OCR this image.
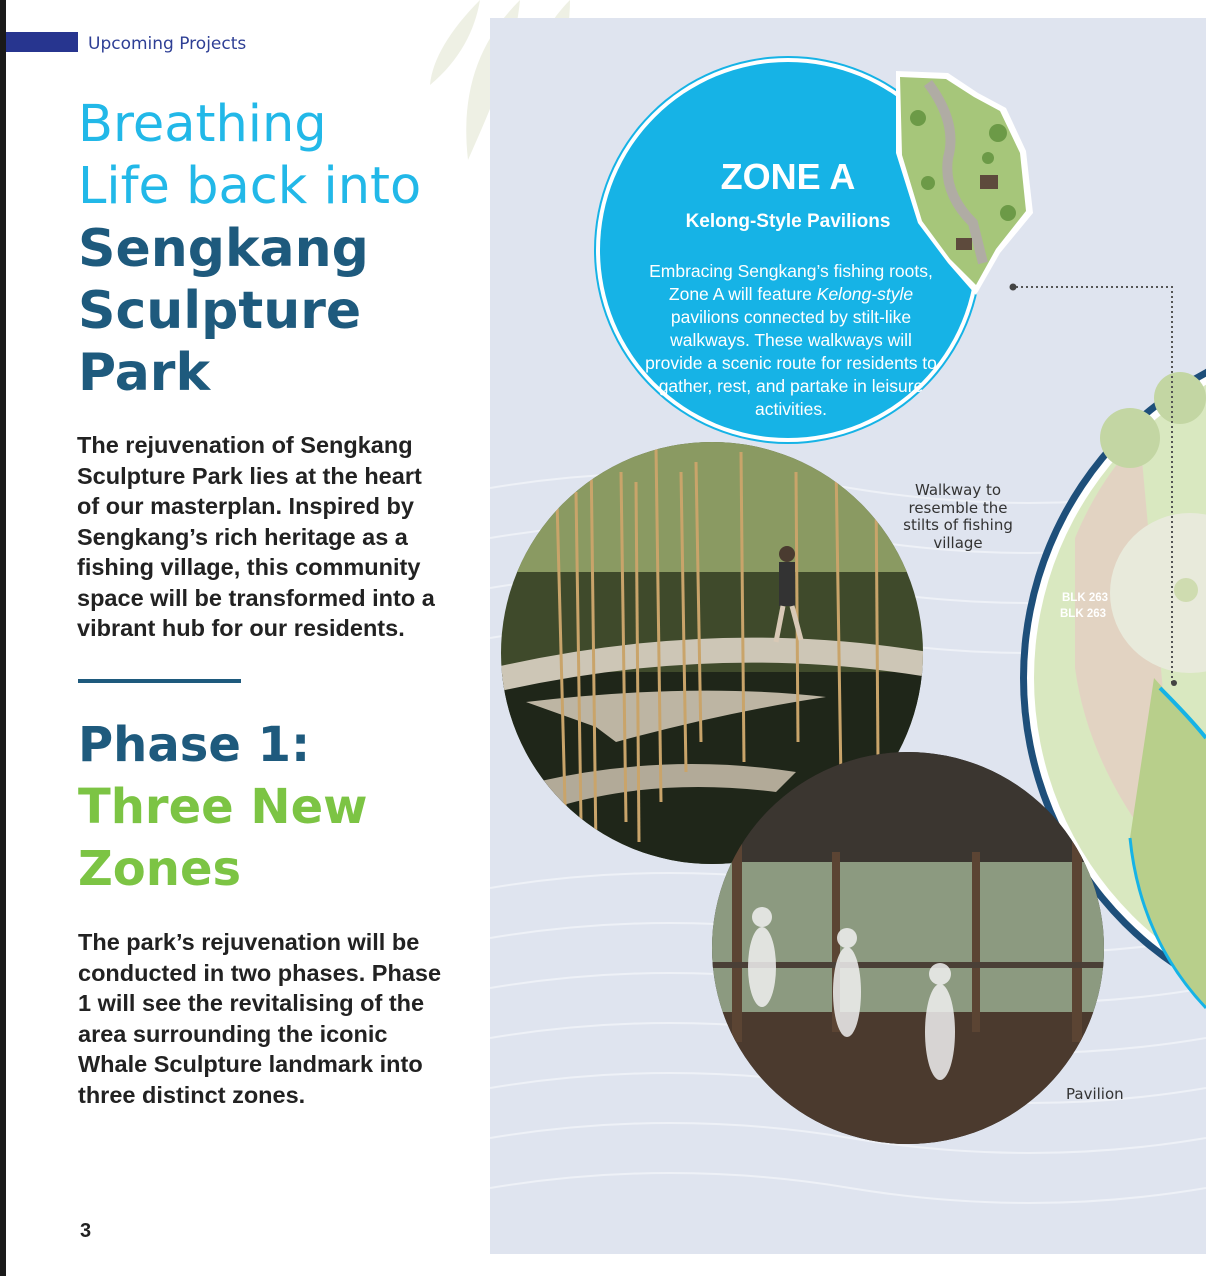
Upcoming Projects
Breathing
Life back into
Sengkang
Sculpture
Park
The rejuvenation of Sengkang Sculpture Park lies at the heart of our masterplan. Inspired by Sengkang’s rich heritage as a fishing village, this community space will be transformed into a vibrant hub for our residents.
Phase 1:
Three New
Zones
The park’s rejuvenation will be conducted in two phases. Phase 1 will see the revitalising of the area surrounding the iconic Whale Sculpture landmark into three distinct zones.
3
ZONE A
Kelong-Style Pavilions
Embracing Sengkang’s fishing roots, Zone A will feature Kelong-style pavilions connected by stilt-like walkways. These walkways will provide a scenic route for residents to gather, rest, and partake in leisure activities.
Walkway to resemble the stilts of fishing village
Pavilion
BLK 263
BLK 263
